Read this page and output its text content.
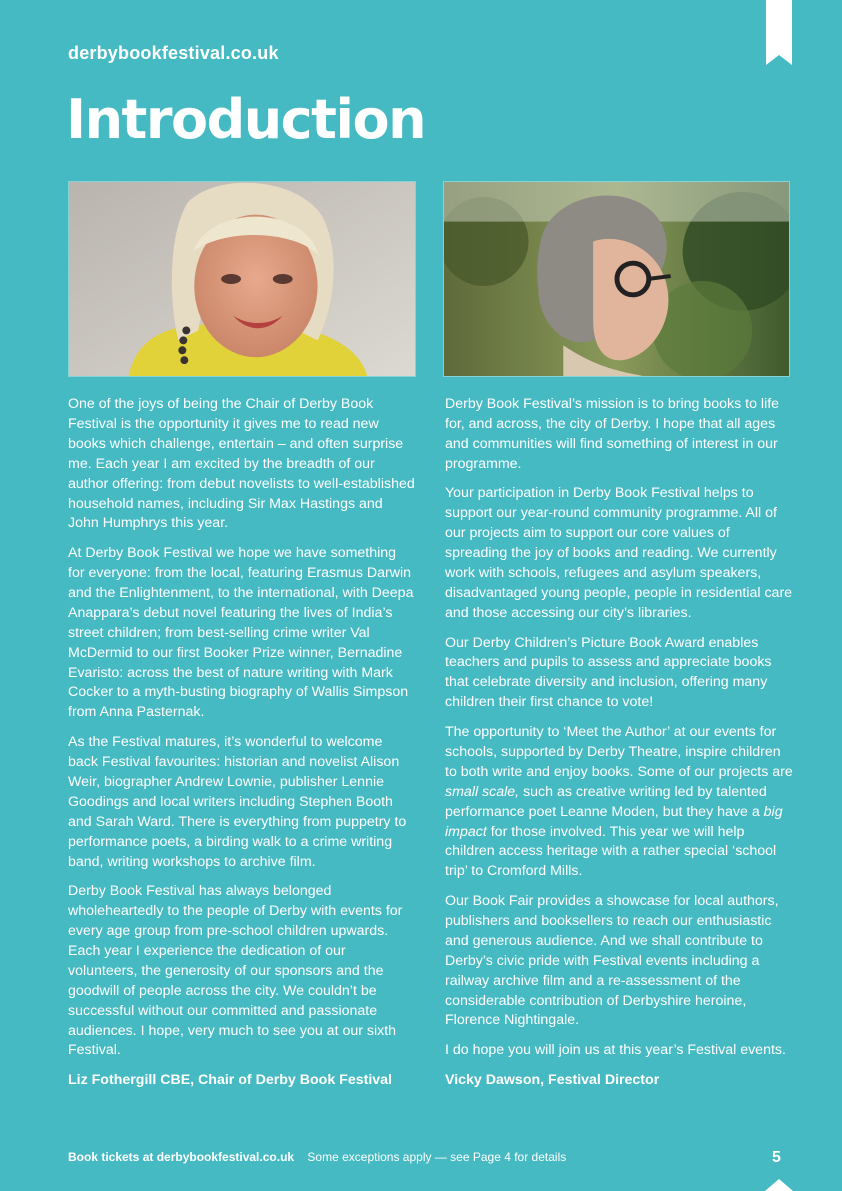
derbybookfestival.co.uk
Introduction

One of the joys of being the Chair of Derby Book Festival is the opportunity it gives me to read new books which challenge, entertain – and often surprise me. Each year I am excited by the breadth of our author offering: from debut novelists to well-established household names, including Sir Max Hastings and John Humphrys this year.

At Derby Book Festival we hope we have something for everyone: from the local, featuring Erasmus Darwin and the Enlightenment, to the international, with Deepa Anappara’s debut novel featuring the lives of India’s street children; from best-selling crime writer Val McDermid to our first Booker Prize winner, Bernadine Evaristo: across the best of nature writing with Mark Cocker to a myth-busting biography of Wallis Simpson from Anna Pasternak.

As the Festival matures, it’s wonderful to welcome back Festival favourites: historian and novelist Alison Weir, biographer Andrew Lownie, publisher Lennie Goodings and local writers including Stephen Booth and Sarah Ward. There is everything from puppetry to performance poets, a birding walk to a crime writing band, writing workshops to archive film.

Derby Book Festival has always belonged wholeheartedly to the people of Derby with events for every age group from pre-school children upwards. Each year I experience the dedication of our volunteers, the generosity of our sponsors and the goodwill of people across the city. We couldn’t be successful without our committed and passionate audiences. I hope, very much to see you at our sixth Festival.

Liz Fothergill CBE, Chair of Derby Book Festival

Derby Book Festival’s mission is to bring books to life for, and across, the city of Derby. I hope that all ages and communities will find something of interest in our programme.

Your participation in Derby Book Festival helps to support our year-round community programme. All of our projects aim to support our core values of spreading the joy of books and reading. We currently work with schools, refugees and asylum speakers, disadvantaged young people, people in residential care and those accessing our city’s libraries.

Our Derby Children’s Picture Book Award enables teachers and pupils to assess and appreciate books that celebrate diversity and inclusion, offering many children their first chance to vote!

The opportunity to ‘Meet the Author’ at our events for schools, supported by Derby Theatre, inspire children to both write and enjoy books. Some of our projects are small scale, such as creative writing led by talented performance poet Leanne Moden, but they have a big impact for those involved. This year we will help children access heritage with a rather special ‘school trip’ to Cromford Mills.

Our Book Fair provides a showcase for local authors, publishers and booksellers to reach our enthusiastic and generous audience. And we shall contribute to Derby’s civic pride with Festival events including a railway archive film and a re-assessment of the considerable contribution of Derbyshire heroine, Florence Nightingale.

I do hope you will join us at this year’s Festival events.

Vicky Dawson, Festival Director

Book tickets at derbybookfestival.co.uk Some exceptions apply — see Page 4 for details	5
